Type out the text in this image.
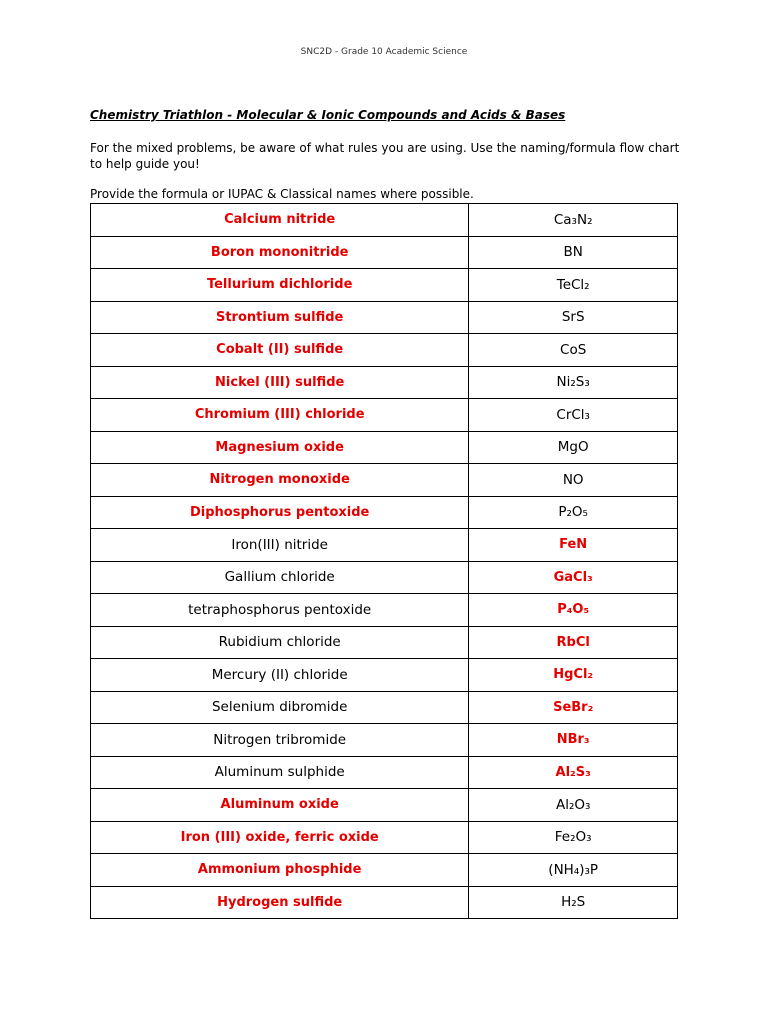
SNC2D - Grade 10 Academic Science
Chemistry Triathlon - Molecular & Ionic Compounds and Acids & Bases
For the mixed problems, be aware of what rules you are using. Use the naming/formula flow chart to help guide you!
Provide the formula or IUPAC & Classical names where possible.
Calcium nitride	Ca₃N₂
Boron mononitride	BN
Tellurium dichloride	TeCl₂
Strontium sulfide	SrS
Cobalt (II) sulfide	CoS
Nickel (III) sulfide	Ni₂S₃
Chromium (III) chloride	CrCl₃
Magnesium oxide	MgO
Nitrogen monoxide	NO
Diphosphorus pentoxide	P₂O₅
Iron(III) nitride	FeN
Gallium chloride	GaCl₃
tetraphosphorus pentoxide	P₄O₅
Rubidium chloride	RbCl
Mercury (II) chloride	HgCl₂
Selenium dibromide	SeBr₂
Nitrogen tribromide	NBr₃
Aluminum sulphide	Al₂S₃
Aluminum oxide	Al₂O₃
Iron (III) oxide, ferric oxide	Fe₂O₃
Ammonium phosphide	(NH₄)₃P
Hydrogen sulfide	H₂S
